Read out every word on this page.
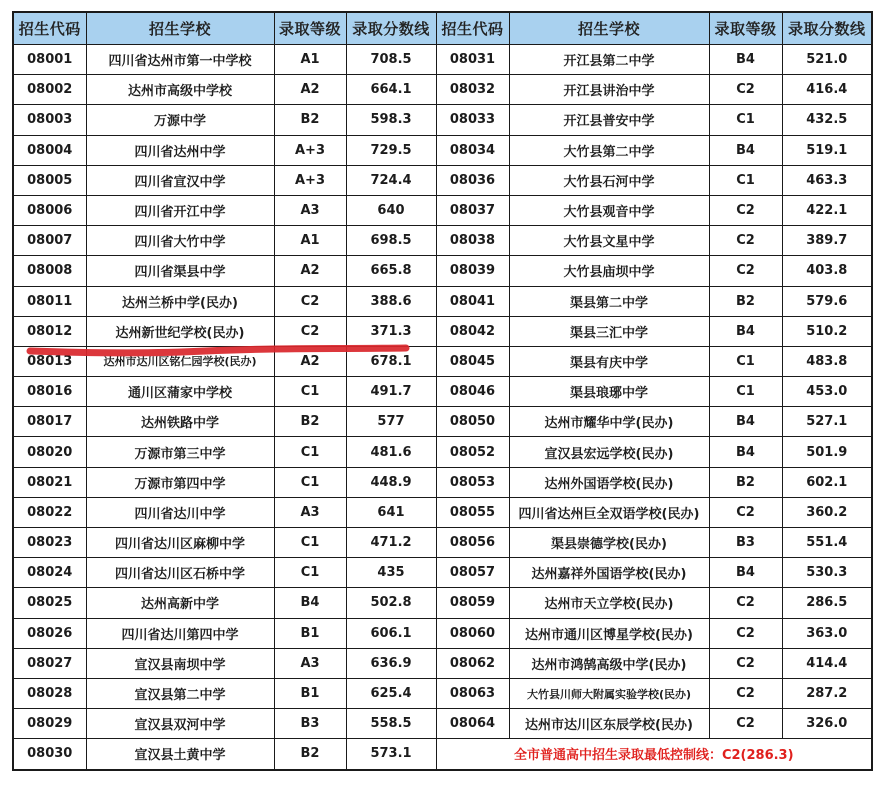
招生代码	招生学校	录取等级	录取分数线	招生代码	招生学校	录取等级	录取分数线
08001	四川省达州市第一中学校	A1	708.5	08031	开江县第二中学	B4	521.0
08002	达州市高级中学校	A2	664.1	08032	开江县讲治中学	C2	416.4
08003	万源中学	B2	598.3	08033	开江县普安中学	C1	432.5
08004	四川省达州中学	A+3	729.5	08034	大竹县第二中学	B4	519.1
08005	四川省宣汉中学	A+3	724.4	08036	大竹县石河中学	C1	463.3
08006	四川省开江中学	A3	640	08037	大竹县观音中学	C2	422.1
08007	四川省大竹中学	A1	698.5	08038	大竹县文星中学	C2	389.7
08008	四川省渠县中学	A2	665.8	08039	大竹县庙坝中学	C2	403.8
08011	达州兰桥中学(民办)	C2	388.6	08041	渠县第二中学	B2	579.6
08012	达州新世纪学校(民办)	C2	371.3	08042	渠县三汇中学	B4	510.2
08013	达州市达川区铭仁园学校(民办)	A2	678.1	08045	渠县有庆中学	C1	483.8
08016	通川区蒲家中学校	C1	491.7	08046	渠县琅琊中学	C1	453.0
08017	达州铁路中学	B2	577	08050	达州市耀华中学(民办)	B4	527.1
08020	万源市第三中学	C1	481.6	08052	宣汉县宏远学校(民办)	B4	501.9
08021	万源市第四中学	C1	448.9	08053	达州外国语学校(民办)	B2	602.1
08022	四川省达川中学	A3	641	08055	四川省达州巨全双语学校(民办)	C2	360.2
08023	四川省达川区麻柳中学	C1	471.2	08056	渠县崇德学校(民办)	B3	551.4
08024	四川省达川区石桥中学	C1	435	08057	达州嘉祥外国语学校(民办)	B4	530.3
08025	达州高新中学	B4	502.8	08059	达州市天立学校(民办)	C2	286.5
08026	四川省达川第四中学	B1	606.1	08060	达州市通川区博星学校(民办)	C2	363.0
08027	宣汉县南坝中学	A3	636.9	08062	达州市鸿鹄高级中学(民办)	C2	414.4
08028	宣汉县第二中学	B1	625.4	08063	大竹县川师大附属实验学校(民办)	C2	287.2
08029	宣汉县双河中学	B3	558.5	08064	达州市达川区东辰学校(民办)	C2	326.0
08030	宣汉县土黄中学	B2	573.1	全市普通高中招生录取最低控制线：C2(286.3)			
